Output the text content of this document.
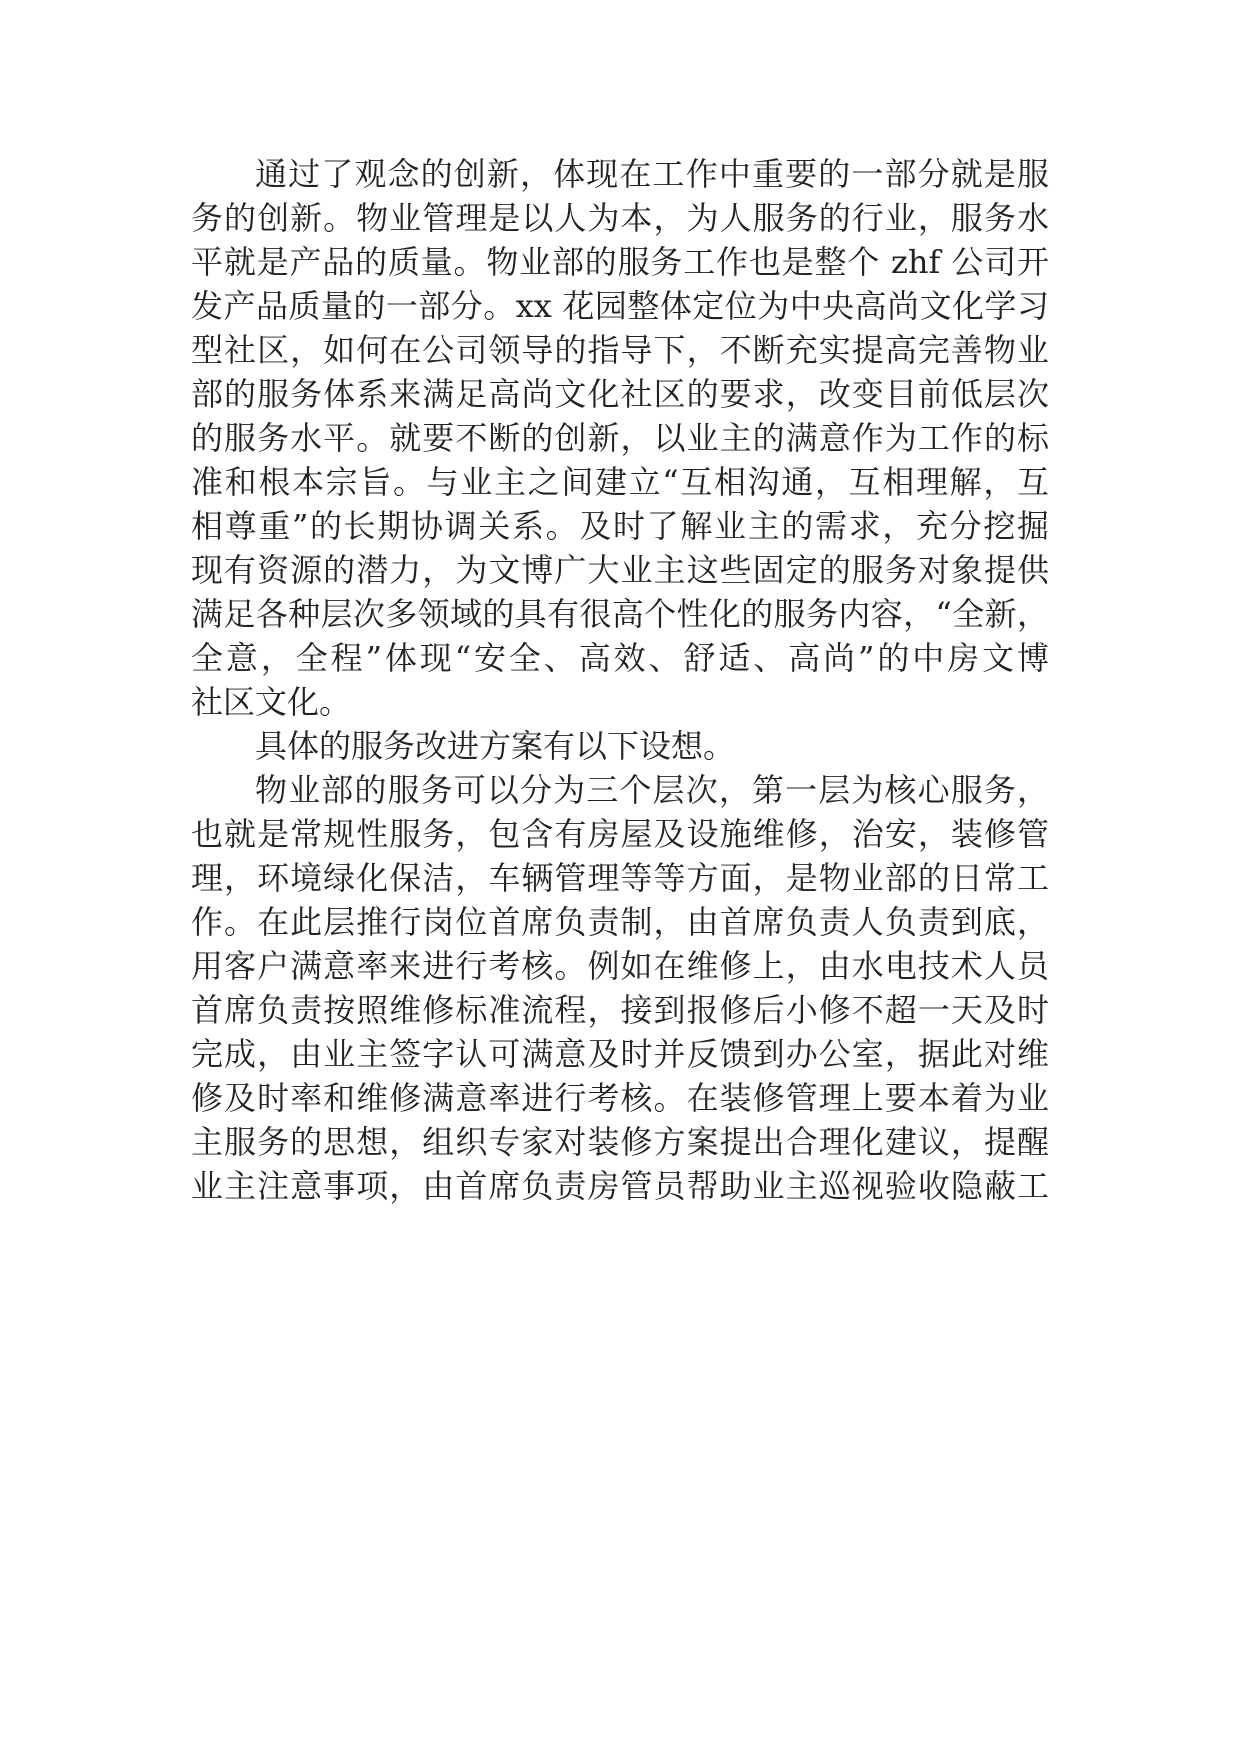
通过了观念的创新，体现在工作中重要的一部分就是服
务的创新。物业管理是以人为本，为人服务的行业，服务水
平就是产品的质量。物业部的服务工作也是整个 zhf 公司开
发产品质量的一部分。xx 花园整体定位为中央高尚文化学习
型社区，如何在公司领导的指导下，不断充实提高完善物业
部的服务体系来满足高尚文化社区的要求，改变目前低层次
的服务水平。就要不断的创新，以业主的满意作为工作的标
准和根本宗旨。与业主之间建立“互相沟通，互相理解，互
相尊重”的长期协调关系。及时了解业主的需求，充分挖掘
现有资源的潜力，为文博广大业主这些固定的服务对象提供
满足各种层次多领域的具有很高个性化的服务内容，“全新，
全意，全程”体现“安全、高效、舒适、高尚”的中房文博
社区文化。
具体的服务改进方案有以下设想。
物业部的服务可以分为三个层次，第一层为核心服务，
也就是常规性服务，包含有房屋及设施维修，治安，装修管
理，环境绿化保洁，车辆管理等等方面，是物业部的日常工
作。在此层推行岗位首席负责制，由首席负责人负责到底，
用客户满意率来进行考核。例如在维修上，由水电技术人员
首席负责按照维修标准流程，接到报修后小修不超一天及时
完成，由业主签字认可满意及时并反馈到办公室，据此对维
修及时率和维修满意率进行考核。在装修管理上要本着为业
主服务的思想，组织专家对装修方案提出合理化建议，提醒
业主注意事项，由首席负责房管员帮助业主巡视验收隐蔽工
